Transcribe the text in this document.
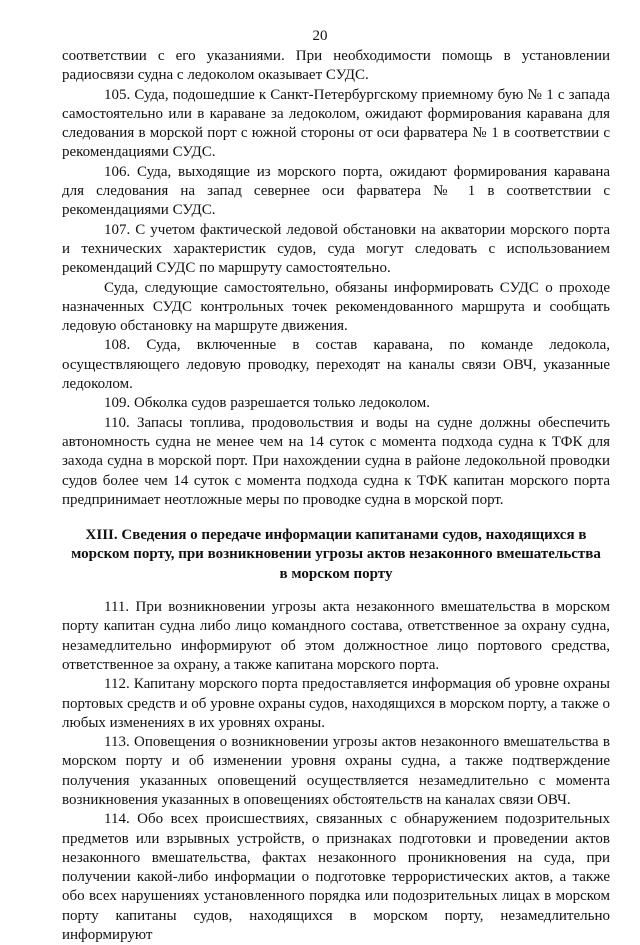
20

соответствии с его указаниями. При необходимости помощь в установлении радиосвязи судна с ледоколом оказывает СУДС.

105. Суда, подошедшие к Санкт-Петербургскому приемному бую № 1 с запада самостоятельно или в караване за ледоколом, ожидают формирования каравана для следования в морской порт с южной стороны от оси фарватера № 1 в соответствии с рекомендациями СУДС.

106. Суда, выходящие из морского порта, ожидают формирования каравана для следования на запад севернее оси фарватера № 1 в соответствии с рекомендациями СУДС.

107. С учетом фактической ледовой обстановки на акватории морского порта и технических характеристик судов, суда могут следовать с использованием рекомендаций СУДС по маршруту самостоятельно.

Суда, следующие самостоятельно, обязаны информировать СУДС о проходе назначенных СУДС контрольных точек рекомендованного маршрута и сообщать ледовую обстановку на маршруте движения.

108. Суда, включенные в состав каравана, по команде ледокола, осуществляющего ледовую проводку, переходят на каналы связи ОВЧ, указанные ледоколом.

109. Обколка судов разрешается только ледоколом.

110. Запасы топлива, продовольствия и воды на судне должны обеспечить автономность судна не менее чем на 14 суток с момента подхода судна к ТФК для захода судна в морской порт. При нахождении судна в районе ледокольной проводки судов более чем 14 суток с момента подхода судна к ТФК капитан морского порта предпринимает неотложные меры по проводке судна в морской порт.

XIII. Сведения о передаче информации капитанами судов, находящихся в морском порту, при возникновении угрозы актов незаконного вмешательства в морском порту

111. При возникновении угрозы акта незаконного вмешательства в морском порту капитан судна либо лицо командного состава, ответственное за охрану судна, незамедлительно информируют об этом должностное лицо портового средства, ответственное за охрану, а также капитана морского порта.

112. Капитану морского порта предоставляется информация об уровне охраны портовых средств и об уровне охраны судов, находящихся в морском порту, а также о любых изменениях в их уровнях охраны.

113. Оповещения о возникновении угрозы актов незаконного вмешательства в морском порту и об изменении уровня охраны судна, а также подтверждение получения указанных оповещений осуществляется незамедлительно с момента возникновения указанных в оповещениях обстоятельств на каналах связи ОВЧ.

114. Обо всех происшествиях, связанных с обнаружением подозрительных предметов или взрывных устройств, о признаках подготовки и проведении актов незаконного вмешательства, фактах незаконного проникновения на суда, при получении какой-либо информации о подготовке террористических актов, а также обо всех нарушениях установленного порядка или подозрительных лицах в морском порту капитаны судов, находящихся в морском порту, незамедлительно информируют
